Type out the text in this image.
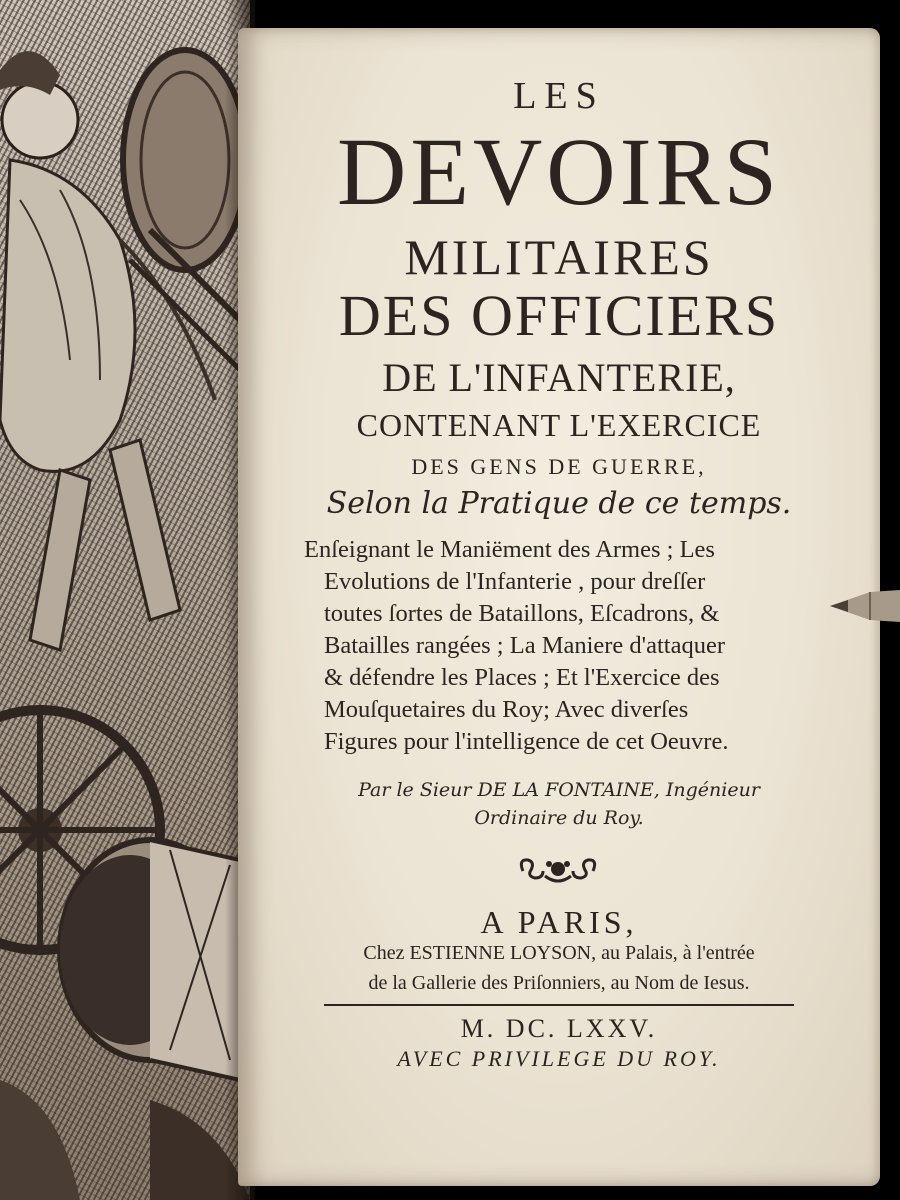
LES
DEVOIRS
MILITAIRES
DES OFFICIERS
DE L'INFANTERIE,
CONTENANT L'EXERCICE
DES GENS DE GUERRE,
Selon la Pratique de ce temps.
Enſeignant le Maniëment des Armes ; Les
Evolutions de l'Infanterie , pour dreſſer
toutes ſortes de Bataillons, Eſcadrons, &
Batailles rangées ; La Maniere d'attaquer
& défendre les Places ; Et l'Exercice des
Mouſquetaires du Roy; Avec diverſes
Figures pour l'intelligence de cet Oeuvre.
Par le Sieur DE LA FONTAINE, Ingénieur
Ordinaire du Roy.
A PARIS,
Chez ESTIENNE LOYSON, au Palais, à l'entrée
de la Gallerie des Priſonniers, au Nom de Iesus.
M. DC. LXXV.
AVEC PRIVILEGE DU ROY.
